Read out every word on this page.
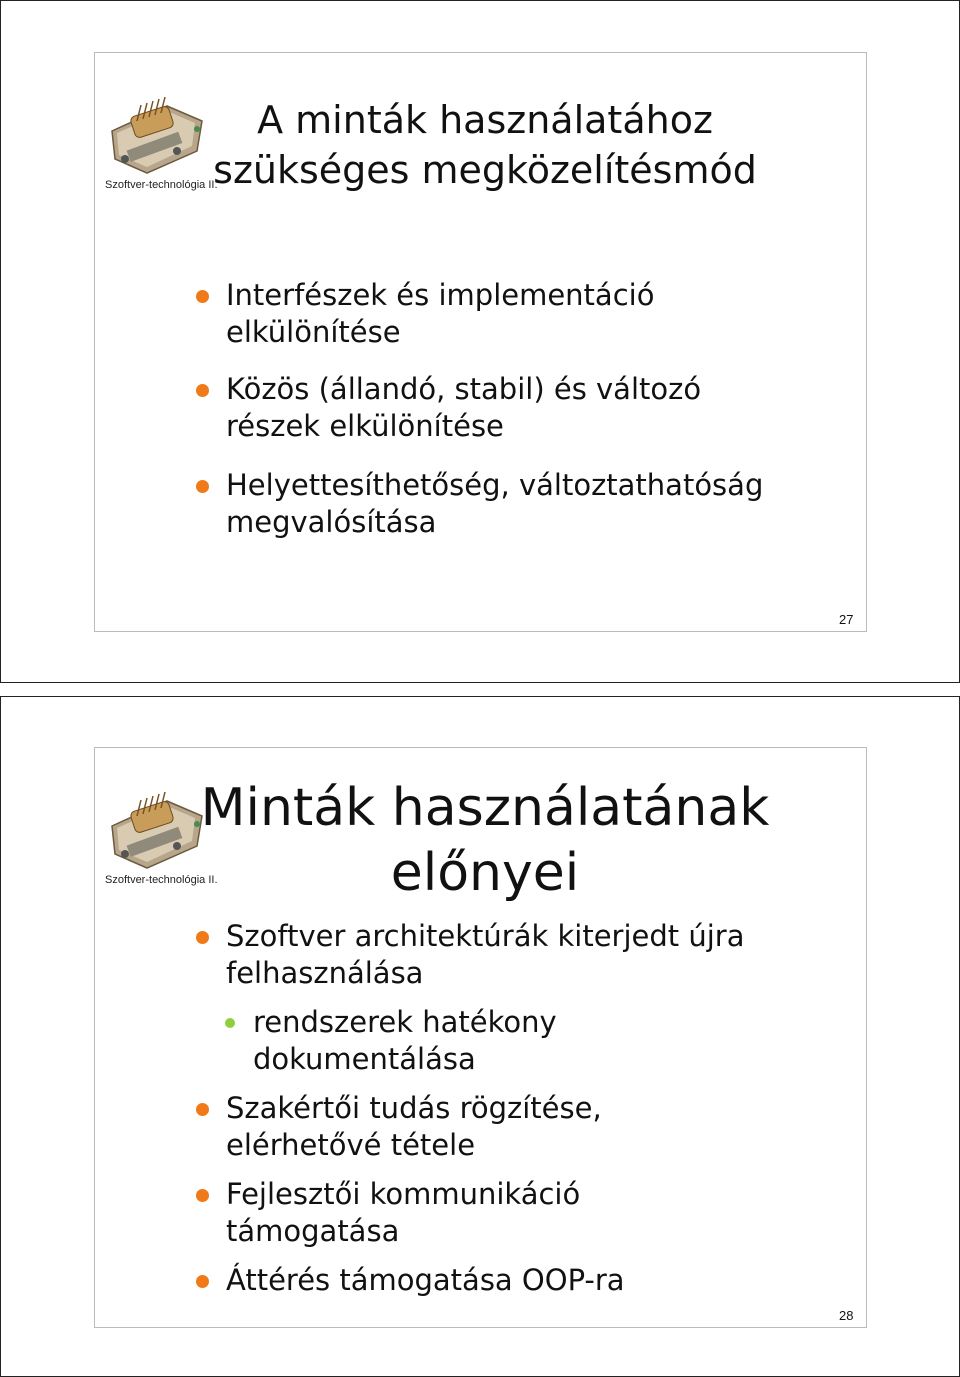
Szoftver-technológia II.
A minták használatához
szükséges megközelítésmód
Interfészek és implementáció
elkülönítése
Közös (állandó, stabil) és változó
részek elkülönítése
Helyettesíthetőség, változtathatóság
megvalósítása
27
Szoftver-technológia II.
Minták használatának
előnyei
Szoftver architektúrák kiterjedt újra
felhasználása
rendszerek hatékony
dokumentálása
Szakértői tudás rögzítése,
elérhetővé tétele
Fejlesztői kommunikáció
támogatása
Áttérés támogatása OOP-ra
28
